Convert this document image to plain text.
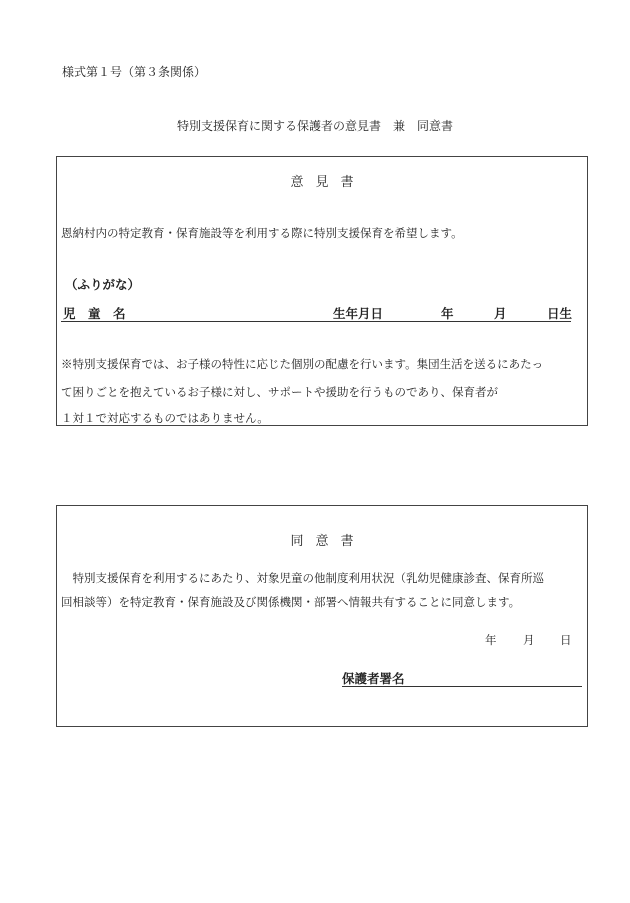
様式第１号（第３条関係）
特別支援保育に関する保護者の意見書　兼　同意書
意見書
恩納村内の特定教育・保育施設等を利用する際に特別支援保育を希望します。
（ふりがな）
児　童　名	生年月日	年	月	日生
※特別支援保育では、お子様の特性に応じた個別の配慮を行います。集団生活を送るにあたっ
て困りごとを抱えているお子様に対し、サポートや援助を行うものであり、保育者が
１対１で対応するものではありません。
同意書
　特別支援保育を利用するにあたり、対象児童の他制度利用状況（乳幼児健康診査、保育所巡
回相談等）を特定教育・保育施設及び関係機関・部署へ情報共有することに同意します。
年 月 日
保護者署名
